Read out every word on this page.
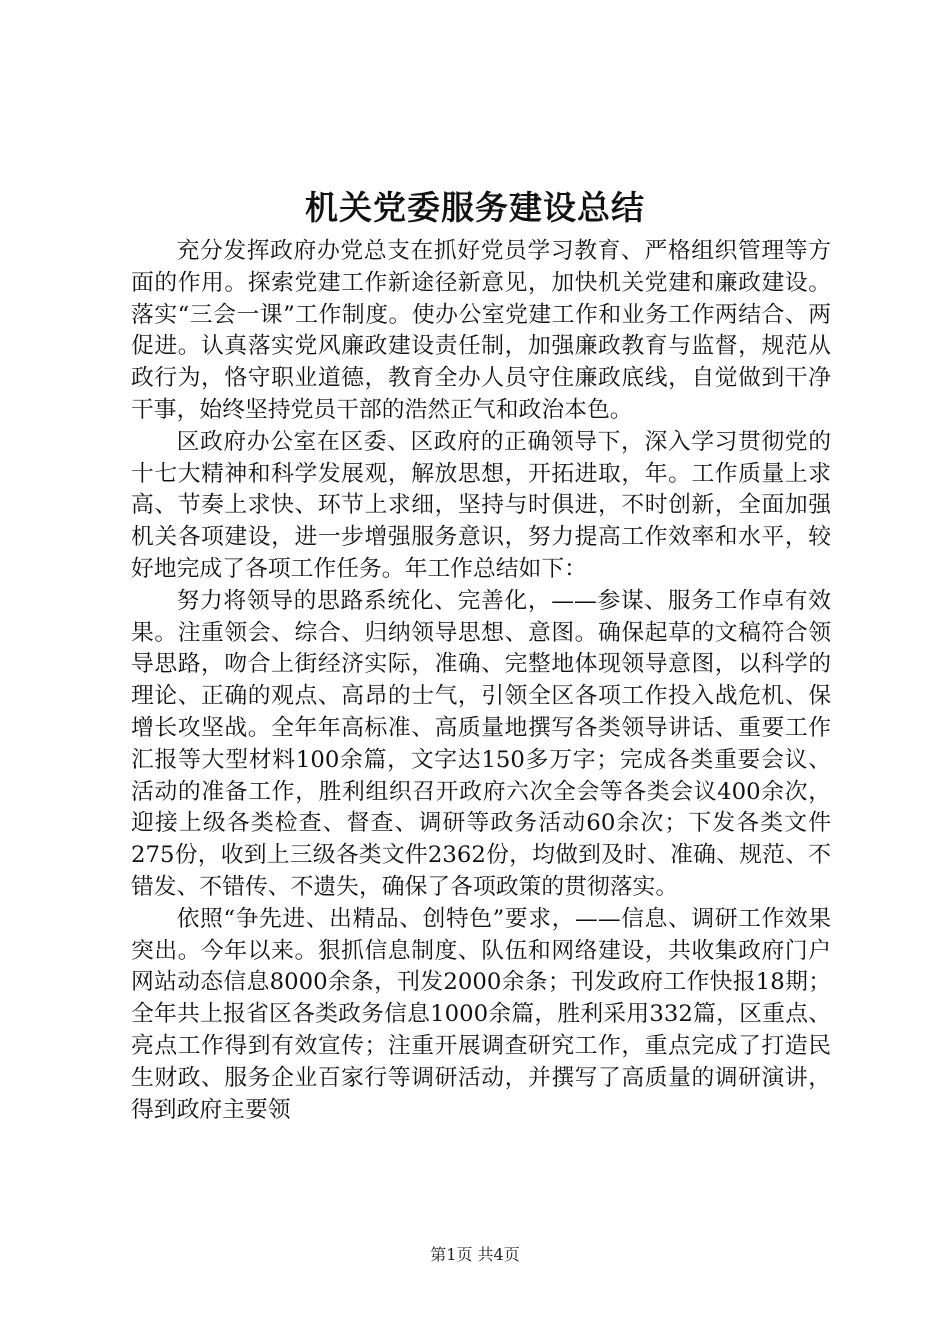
机关党委服务建设总结

充分发挥政府办党总支在抓好党员学习教育、严格组织管理等方面的作用。探索党建工作新途径新意见，加快机关党建和廉政建设。落实“三会一课”工作制度。使办公室党建工作和业务工作两结合、两促进。认真落实党风廉政建设责任制，加强廉政教育与监督，规范从政行为，恪守职业道德，教育全办人员守住廉政底线，自觉做到干净干事，始终坚持党员干部的浩然正气和政治本色。

区政府办公室在区委、区政府的正确领导下，深入学习贯彻党的十七大精神和科学发展观，解放思想，开拓进取，年。工作质量上求高、节奏上求快、环节上求细，坚持与时俱进，不时创新，全面加强机关各项建设，进一步增强服务意识，努力提高工作效率和水平，较好地完成了各项工作任务。年工作总结如下：

努力将领导的思路系统化、完善化，——参谋、服务工作卓有效果。注重领会、综合、归纳领导思想、意图。确保起草的文稿符合领导思路，吻合上街经济实际，准确、完整地体现领导意图，以科学的理论、正确的观点、高昂的士气，引领全区各项工作投入战危机、保增长攻坚战。全年年高标准、高质量地撰写各类领导讲话、重要工作汇报等大型材料100余篇，文字达150多万字；完成各类重要会议、活动的准备工作，胜利组织召开政府六次全会等各类会议400余次，迎接上级各类检查、督查、调研等政务活动60余次；下发各类文件275份，收到上三级各类文件2362份，均做到及时、准确、规范、不错发、不错传、不遗失，确保了各项政策的贯彻落实。

依照“争先进、出精品、创特色”要求，——信息、调研工作效果突出。今年以来。狠抓信息制度、队伍和网络建设，共收集政府门户网站动态信息8000余条，刊发2000余条；刊发政府工作快报18期；全年共上报省区各类政务信息1000余篇，胜利采用332篇，区重点、亮点工作得到有效宣传；注重开展调查研究工作，重点完成了打造民生财政、服务企业百家行等调研活动，并撰写了高质量的调研演讲，得到政府主要领

第1页 共4页
